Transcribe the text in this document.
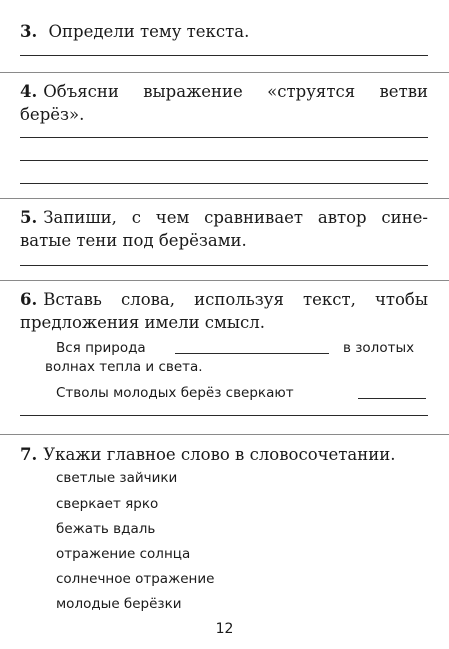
3. Определи тему текста.
4. Объясни выражение «струятся ветви
берёз».
5. Запиши, с чем сравнивает автор сине-
ватые тени под берёзами.
6. Вставь слова, используя текст, чтобы
предложения имели смысл.
Вся природа	в золотых
волнах тепла и света.
Стволы молодых берёз сверкают
7. Укажи главное слово в словосочетании.
светлые зайчики
сверкает ярко
бежать вдаль
отражение солнца
солнечное отражение
молодые берёзки
12
